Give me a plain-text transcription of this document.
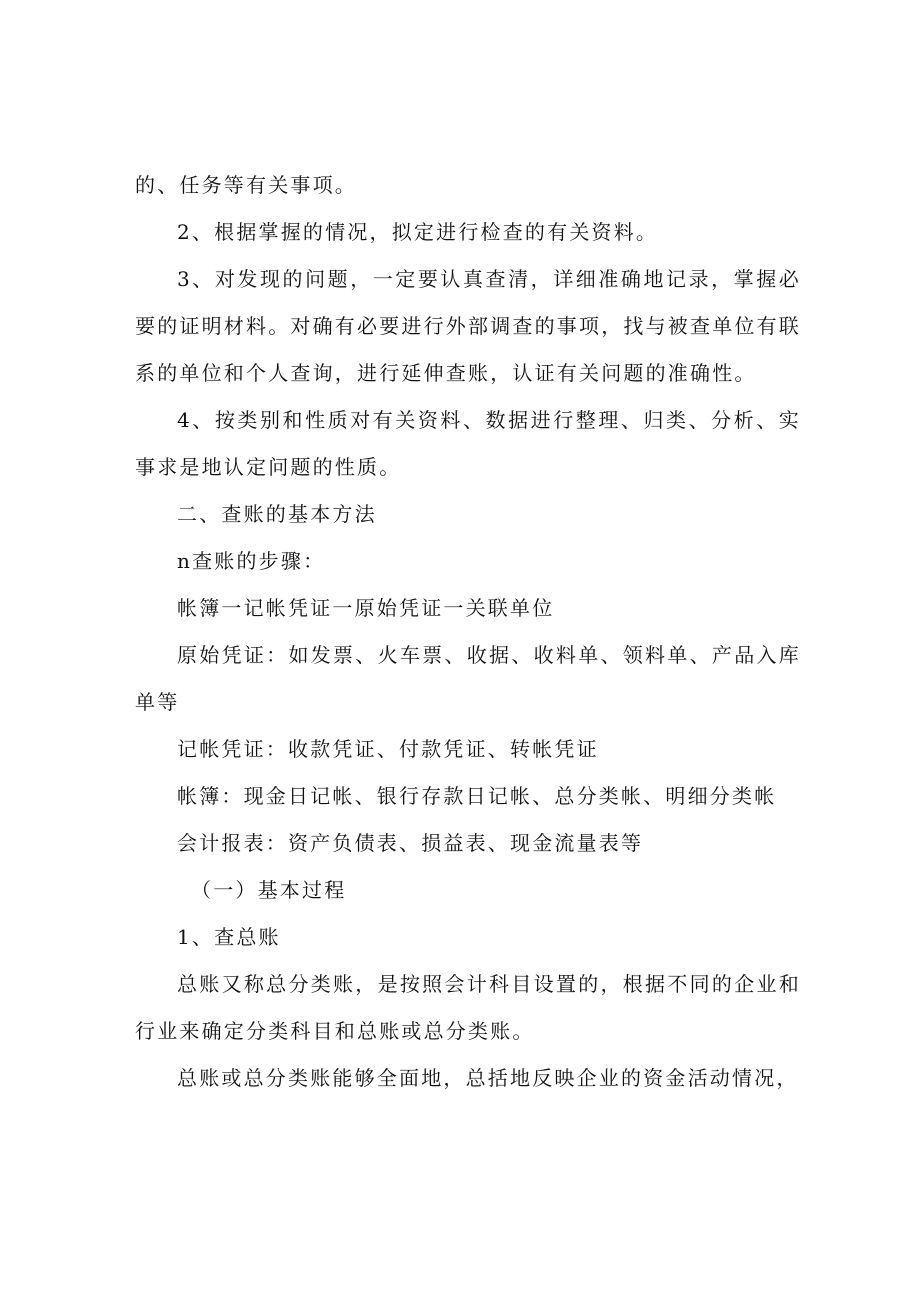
的、任务等有关事项。

2、根据掌握的情况，拟定进行检查的有关资料。

3、对发现的问题，一定要认真查清，详细准确地记录，掌握必要的证明材料。对确有必要进行外部调查的事项，找与被查单位有联系的单位和个人查询，进行延伸查账，认证有关问题的准确性。

4、按类别和性质对有关资料、数据进行整理、归类、分析、实事求是地认定问题的性质。

二、查账的基本方法

n查账的步骤：

帐簿一记帐凭证一原始凭证一关联单位

原始凭证：如发票、火车票、收据、收料单、领料单、产品入库单等

记帐凭证：收款凭证、付款凭证、转帐凭证

帐簿：现金日记帐、银行存款日记帐、总分类帐、明细分类帐

会计报表：资产负债表、损益表、现金流量表等

（一）基本过程

1、查总账

总账又称总分类账，是按照会计科目设置的，根据不同的企业和行业来确定分类科目和总账或总分类账。

总账或总分类账能够全面地，总括地反映企业的资金活动情况，
